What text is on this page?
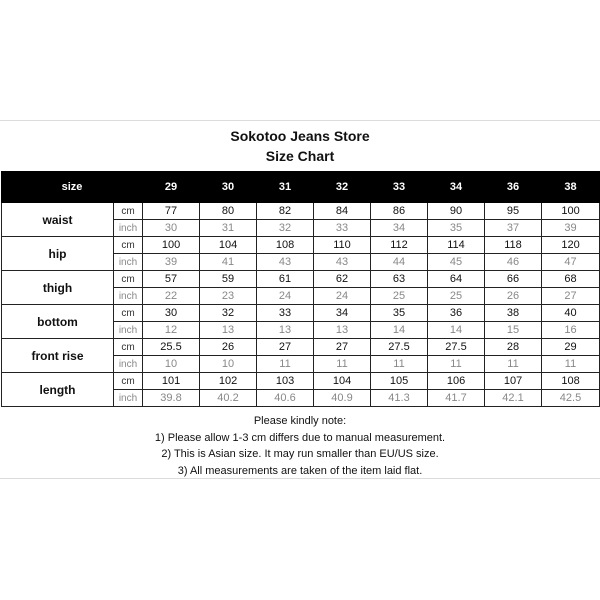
Sokotoo Jeans Store
Size Chart
size		29	30	31	32	33	34	36	38
waist	cm	77	80	82	84	86	90	95	100
	inch	30	31	32	33	34	35	37	39
hip	cm	100	104	108	110	112	114	118	120
	inch	39	41	43	43	44	45	46	47
thigh	cm	57	59	61	62	63	64	66	68
	inch	22	23	24	24	25	25	26	27
bottom	cm	30	32	33	34	35	36	38	40
	inch	12	13	13	13	14	14	15	16
front rise	cm	25.5	26	27	27	27.5	27.5	28	29
	inch	10	10	11	11	11	11	11	11
length	cm	101	102	103	104	105	106	107	108
	inch	39.8	40.2	40.6	40.9	41.3	41.7	42.1	42.5
Please kindly note:
1) Please allow 1-3 cm differs due to manual measurement.
2) This is Asian size. It may run smaller than EU/US size.
3) All measurements are taken of the item laid flat.
